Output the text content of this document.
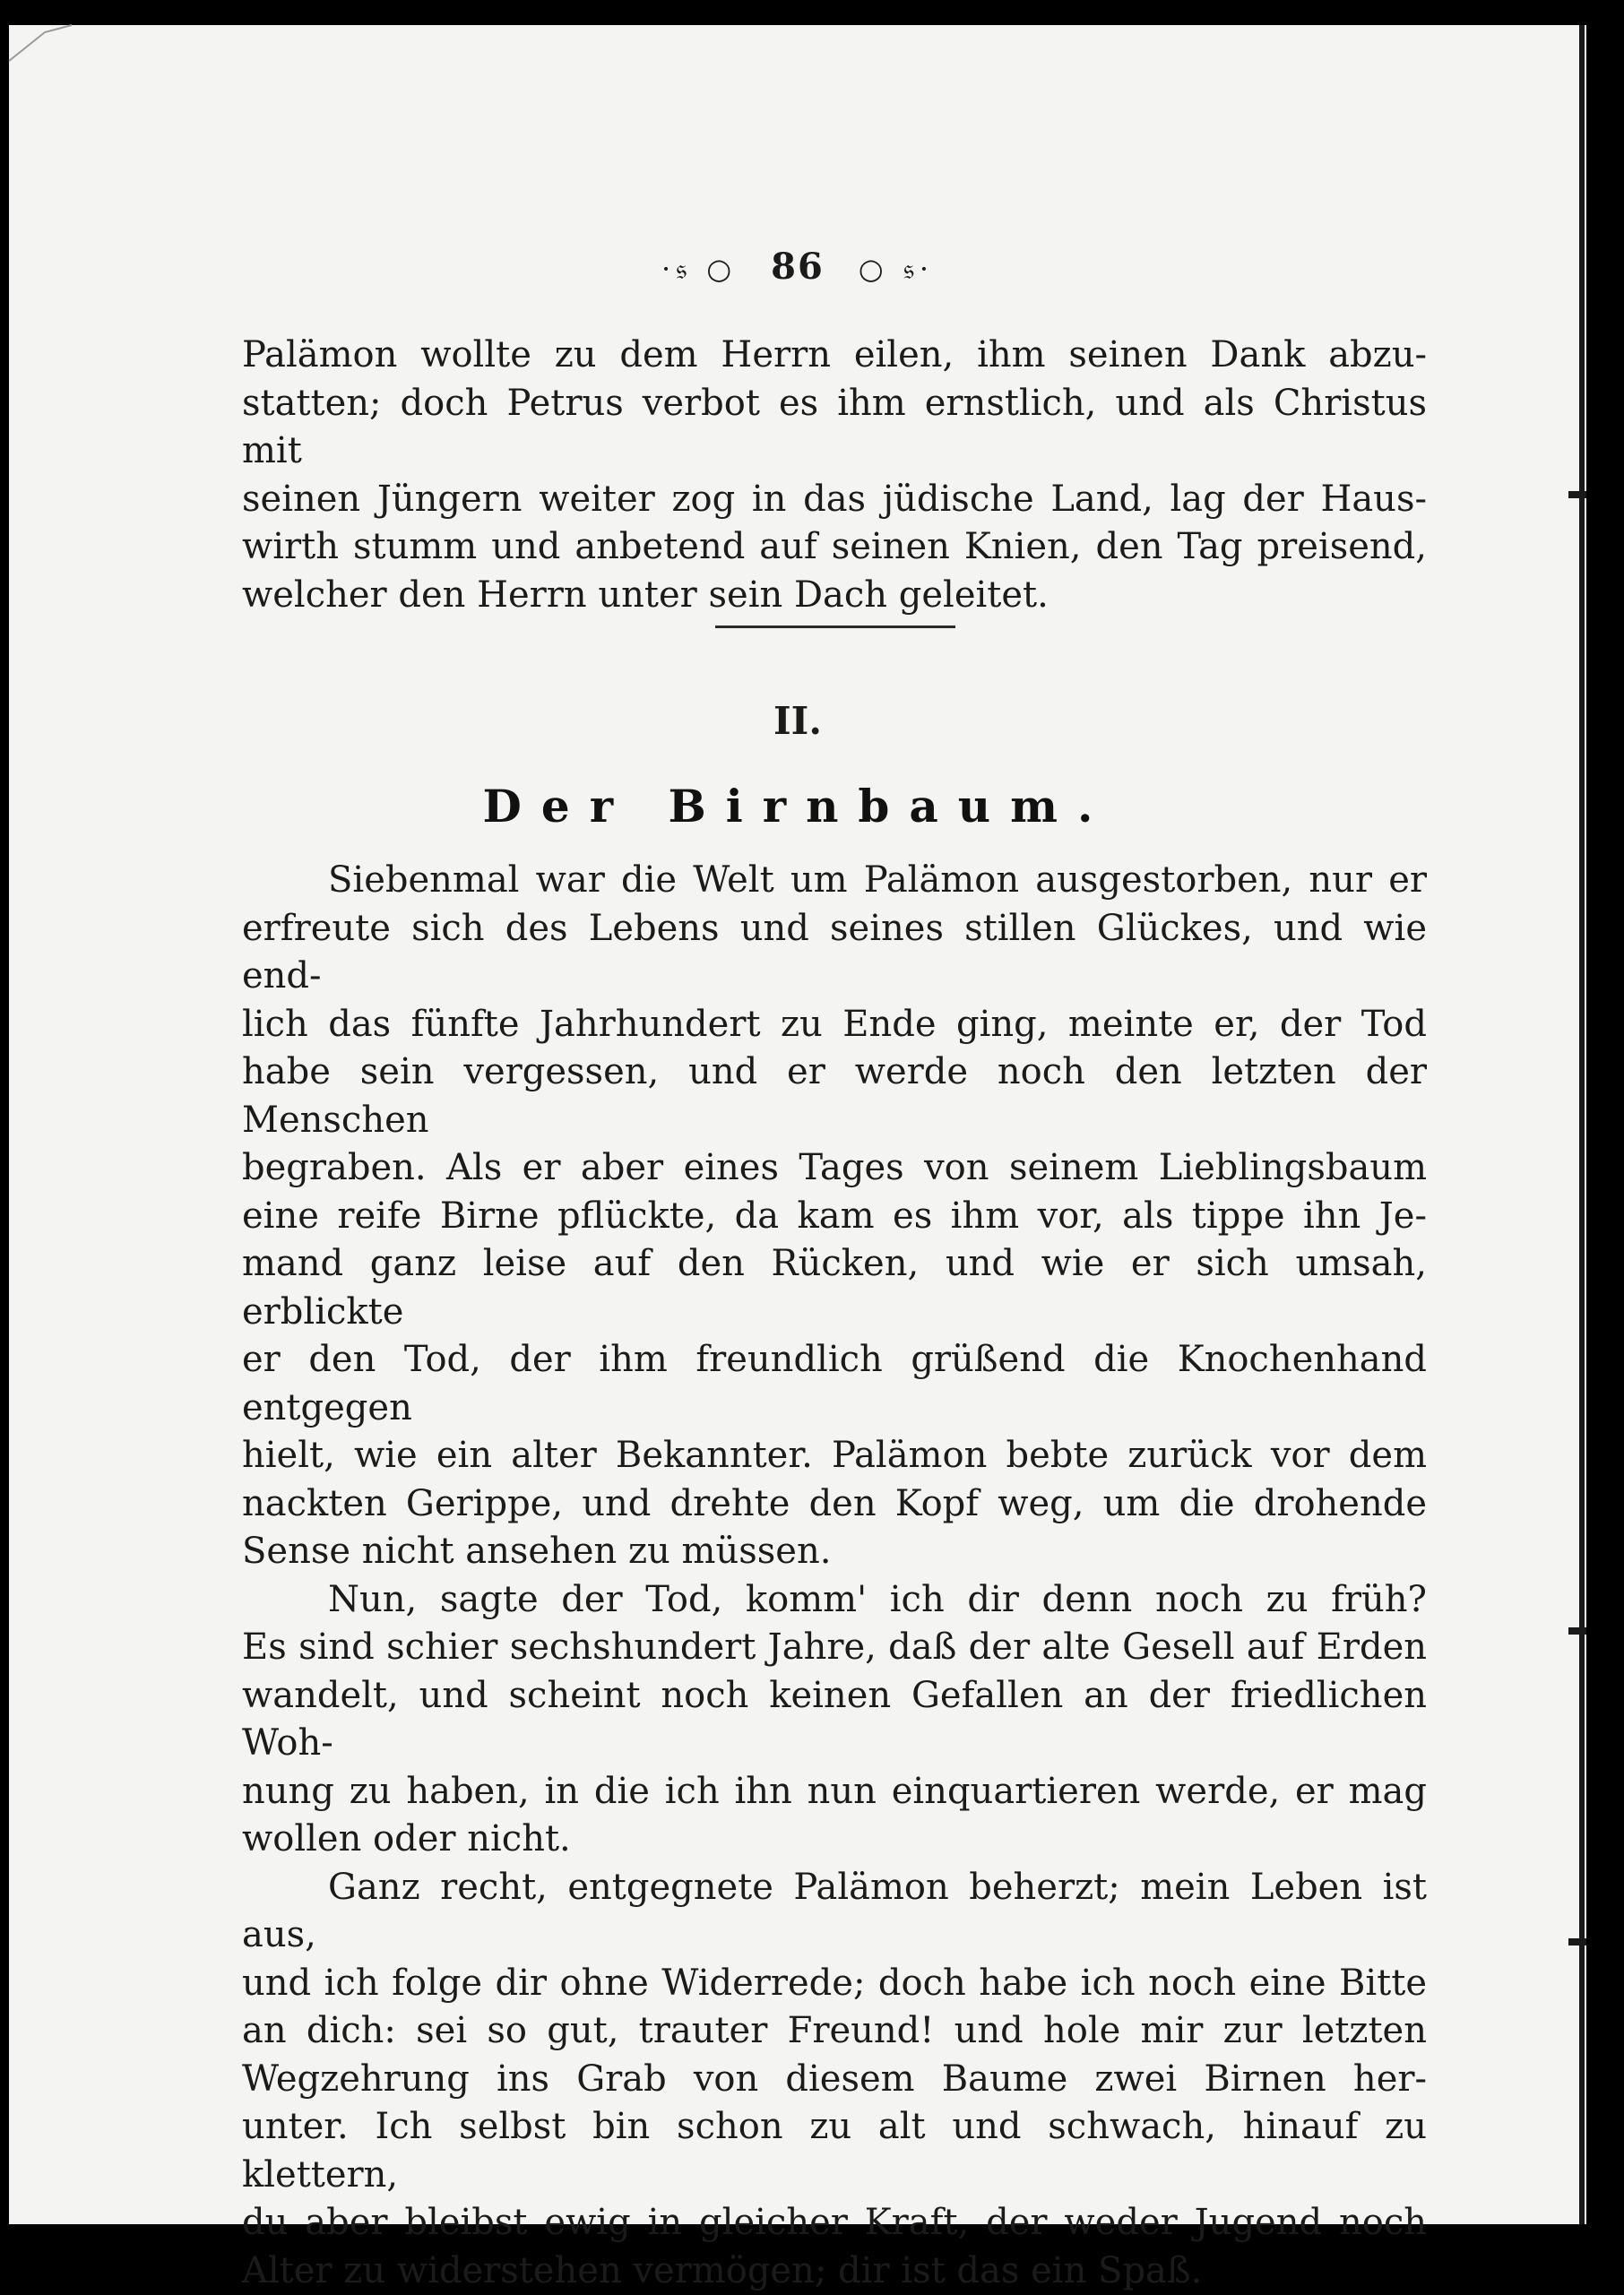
·𝔰 ○ 86 ○ 𝔰·

Palämon wollte zu dem Herrn eilen, ihm seinen Dank abzu-

statten; doch Petrus verbot es ihm ernstlich, und als Christus mit

seinen Jüngern weiter zog in das jüdische Land, lag der Haus-

wirth stumm und anbetend auf seinen Knien, den Tag preisend,

welcher den Herrn unter sein Dach geleitet.

II.
Der Birnbaum.

Siebenmal war die Welt um Palämon ausgestorben, nur er

erfreute sich des Lebens und seines stillen Glückes, und wie end-

lich das fünfte Jahrhundert zu Ende ging, meinte er, der Tod

habe sein vergessen, und er werde noch den letzten der Menschen

begraben. Als er aber eines Tages von seinem Lieblingsbaum

eine reife Birne pflückte, da kam es ihm vor, als tippe ihn Je-

mand ganz leise auf den Rücken, und wie er sich umsah, erblickte

er den Tod, der ihm freundlich grüßend die Knochenhand entgegen

hielt, wie ein alter Bekannter. Palämon bebte zurück vor dem

nackten Gerippe, und drehte den Kopf weg, um die drohende

Sense nicht ansehen zu müssen.

Nun, sagte der Tod, komm' ich dir denn noch zu früh?

Es sind schier sechshundert Jahre, daß der alte Gesell auf Erden

wandelt, und scheint noch keinen Gefallen an der friedlichen Woh-

nung zu haben, in die ich ihn nun einquartieren werde, er mag

wollen oder nicht.

Ganz recht, entgegnete Palämon beherzt; mein Leben ist aus,

und ich folge dir ohne Widerrede; doch habe ich noch eine Bitte

an dich: sei so gut, trauter Freund! und hole mir zur letzten

Wegzehrung ins Grab von diesem Baume zwei Birnen her-

unter. Ich selbst bin schon zu alt und schwach, hinauf zu klettern,

du aber bleibst ewig in gleicher Kraft, der weder Jugend noch

Alter zu widerstehen vermögen; dir ist das ein Spaß.
